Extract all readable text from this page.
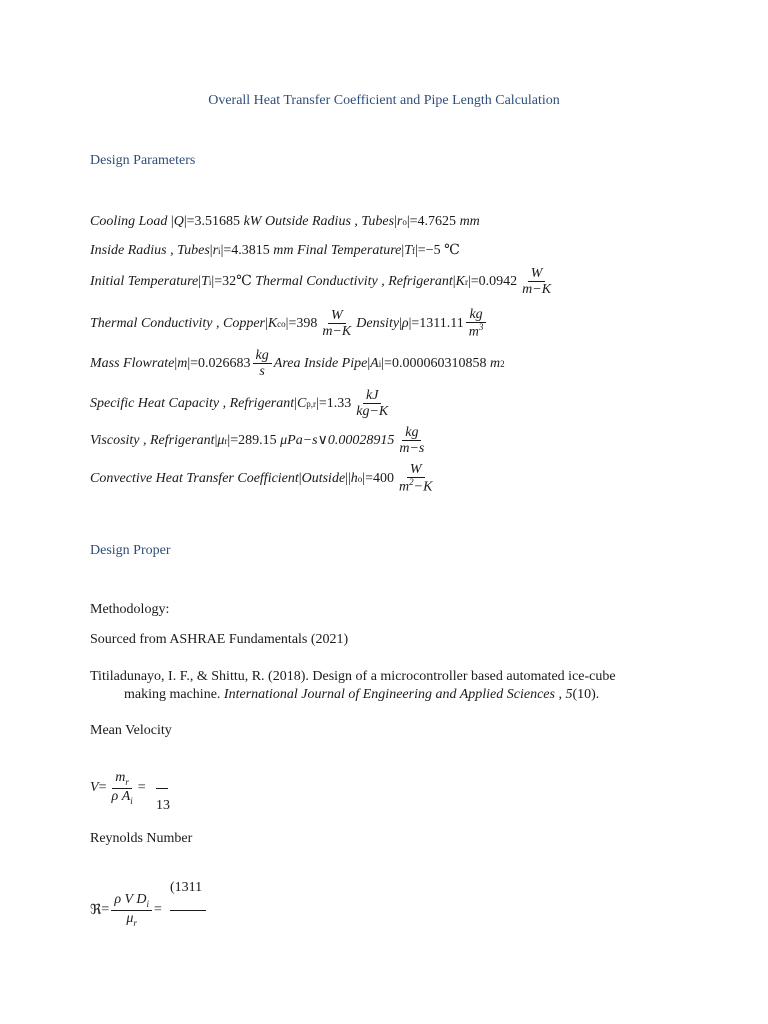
Overall Heat Transfer Coefficient and Pipe Length Calculation
Design Parameters
Cooling Load | Q | =3.51685
kW
Outside Radius , Tubes | r o | =4.7625
mm
Inside Radius , Tubes | r i | =4.3815
mm
Final Temperature | T f | =−5
℃
Initial Temperature | T i | =32 ℃
Thermal Conductivity , Refrigerant | K r | $=0.0942 \frac{W}{m-K}$
Thermal Conductivity , Copper | K co | $=398 \frac{W}{m-K}$ Density | ρ | $=1311.11 \frac{kg}{m^3}$
Mass Flowrate | m | $=0.026683 \frac{kg}{s}$ Area Inside Pipe | A i | =0.000060310858
m 2
Specific Heat Capacity , Refrigerant | C p,r | $=1.33 \frac{kJ}{kg-K}$
Viscosity , Refrigerant | μ r | =289.15
μPa−s∨0.00028915 $\frac{kg}{m-s}$
Convective Heat Transfer Coefficient | Outside || h o | $=400 \frac{W}{m^2-K}$
Design Proper
Methodology:
Sourced from ASHRAE Fundamentals (2021)
Titiladunayo, I. F., & Shittu, R. (2018). Design of a microcontroller based automated ice-cube
making machine. International Journal of Engineering and Applied Sciences , 5(10).
Mean Velocity
$V = \frac{m_r}{\rho A_i}$ =
13
Reynolds Number
ℜ = $\frac{\rho V D_i}{\mu_r}$ =
(1311
